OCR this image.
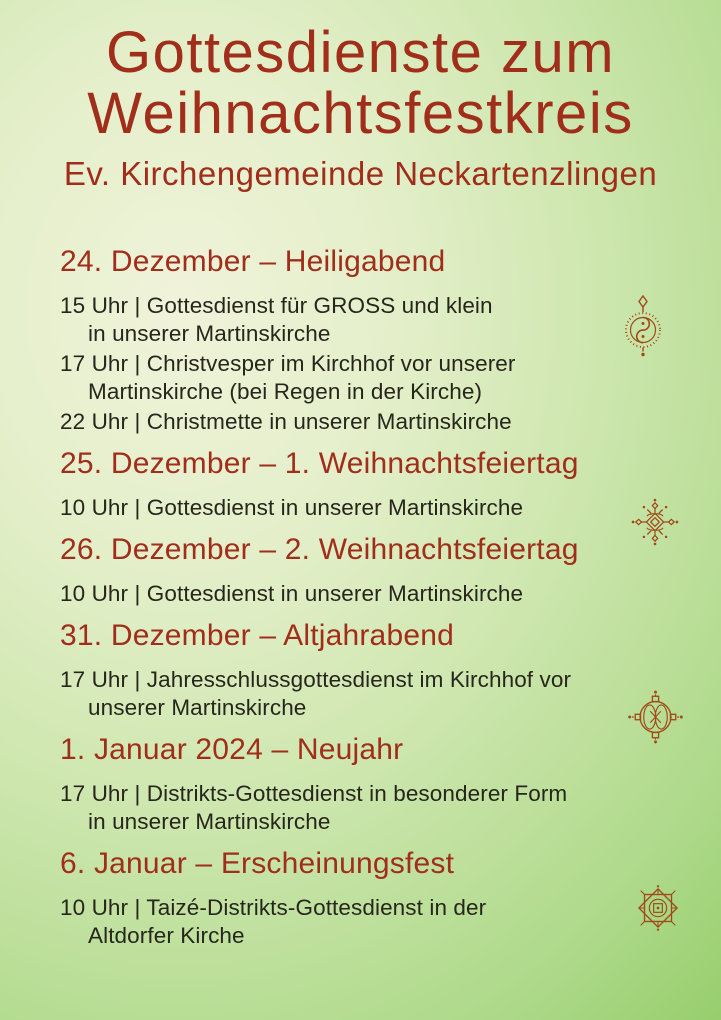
Gottesdienste zum
Weihnachtsfestkreis
Ev. Kirchengemeinde Neckartenzlingen
24. Dezember – Heiligabend

15 Uhr | Gottesdienst für GROSS und klein
in unserer Martinskirche

17 Uhr | Christvesper im Kirchhof vor unserer
Martinskirche (bei Regen in der Kirche)

22 Uhr | Christmette in unserer Martinskirche

25. Dezember – 1. Weihnachtsfeiertag

10 Uhr | Gottesdienst in unserer Martinskirche

26. Dezember – 2. Weihnachtsfeiertag

10 Uhr | Gottesdienst in unserer Martinskirche

31. Dezember – Altjahrabend

17 Uhr | Jahresschlussgottesdienst im Kirchhof vor
unserer Martinskirche

1. Januar 2024 – Neujahr

17 Uhr | Distrikts-Gottesdienst in besonderer Form
in unserer Martinskirche

6. Januar – Erscheinungsfest

10 Uhr | Taizé-Distrikts-Gottesdienst in der
Altdorfer Kirche
